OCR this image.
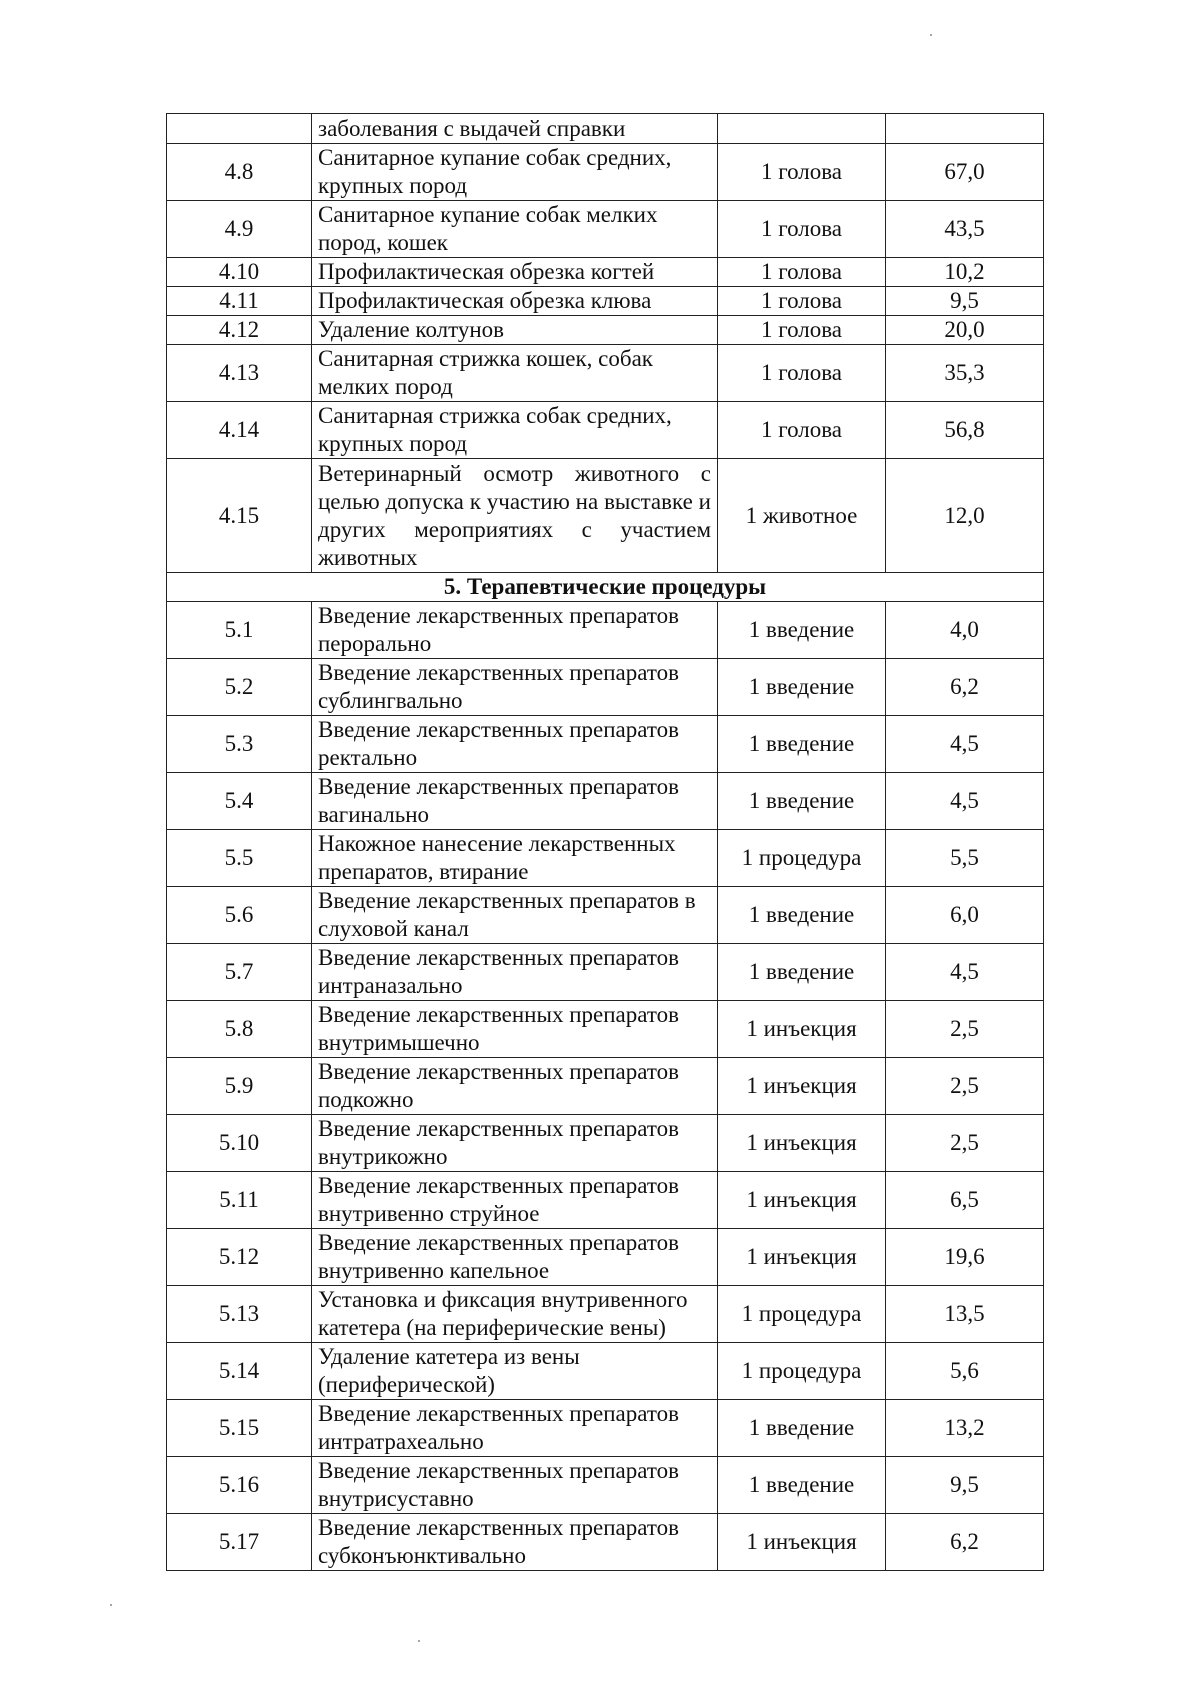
	заболевания с выдачей справки		
4.8	Санитарное купание собак средних, крупных пород	1 голова	67,0
4.9	Санитарное купание собак мелких пород, кошек	1 голова	43,5
4.10	Профилактическая обрезка когтей	1 голова	10,2
4.11	Профилактическая обрезка клюва	1 голова	9,5
4.12	Удаление колтунов	1 голова	20,0
4.13	Санитарная стрижка кошек, собак мелких пород	1 голова	35,3
4.14	Санитарная стрижка собак средних, крупных пород	1 голова	56,8
4.15	Ветеринарный осмотр животного с целью допуска к участию на выставке и других мероприятиях с участием животных	1 животное	12,0
5. Терапевтические процедуры			
5.1	Введение лекарственных препаратов перорально	1 введение	4,0
5.2	Введение лекарственных препаратов сублингвально	1 введение	6,2
5.3	Введение лекарственных препаратов ректально	1 введение	4,5
5.4	Введение лекарственных препаратов вагинально	1 введение	4,5
5.5	Накожное нанесение лекарственных препаратов, втирание	1 процедура	5,5
5.6	Введение лекарственных препаратов в слуховой канал	1 введение	6,0
5.7	Введение лекарственных препаратов интраназально	1 введение	4,5
5.8	Введение лекарственных препаратов внутримышечно	1 инъекция	2,5
5.9	Введение лекарственных препаратов подкожно	1 инъекция	2,5
5.10	Введение лекарственных препаратов внутрикожно	1 инъекция	2,5
5.11	Введение лекарственных препаратов внутривенно струйное	1 инъекция	6,5
5.12	Введение лекарственных препаратов внутривенно капельное	1 инъекция	19,6
5.13	Установка и фиксация внутривенного катетера (на периферические вены)	1 процедура	13,5
5.14	Удаление катетера из вены (периферической)	1 процедура	5,6
5.15	Введение лекарственных препаратов интратрахеально	1 введение	13,2
5.16	Введение лекарственных препаратов внутрисуставно	1 введение	9,5
5.17	Введение лекарственных препаратов субконъюнктивально	1 инъекция	6,2
